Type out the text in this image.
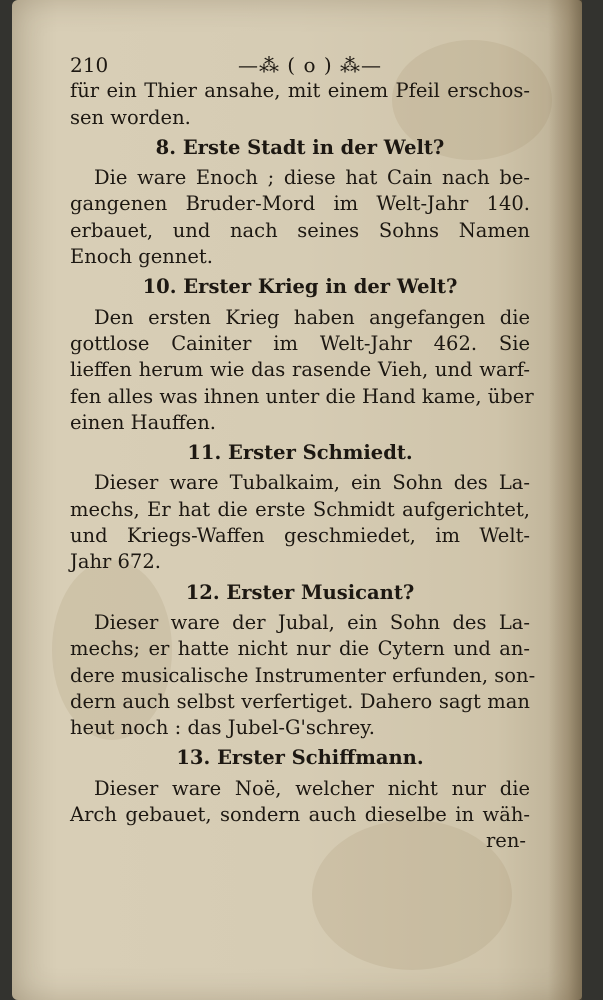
210	—⁂ ( o ) ⁂—
für ein Thier ansahe, mit einem Pfeil erschos-
sen worden.
8. Erste Stadt in der Welt?
Die ware Enoch ; diese hat Cain nach be-
gangenen Bruder-Mord im Welt-Jahr 140.
erbauet, und nach seines Sohns Namen
Enoch gennet.
10. Erster Krieg in der Welt?
Den ersten Krieg haben angefangen die
gottlose Cainiter im Welt-Jahr 462. Sie
lieffen herum wie das rasende Vieh, und warf-
fen alles was ihnen unter die Hand kame, über
einen Hauffen.
11. Erster Schmiedt.
Dieser ware Tubalkaim, ein Sohn des La-
mechs, Er hat die erste Schmidt aufgerichtet,
und Kriegs-Waffen geschmiedet, im Welt-
Jahr 672.
12. Erster Musicant?
Dieser ware der Jubal, ein Sohn des La-
mechs; er hatte nicht nur die Cytern und an-
dere musicalische Instrumenter erfunden, son-
dern auch selbst verfertiget. Dahero sagt man
heut noch : das Jubel-G'schrey.
13. Erster Schiffmann.
Dieser ware Noë, welcher nicht nur die
Arch gebauet, sondern auch dieselbe in wäh-
ren-
